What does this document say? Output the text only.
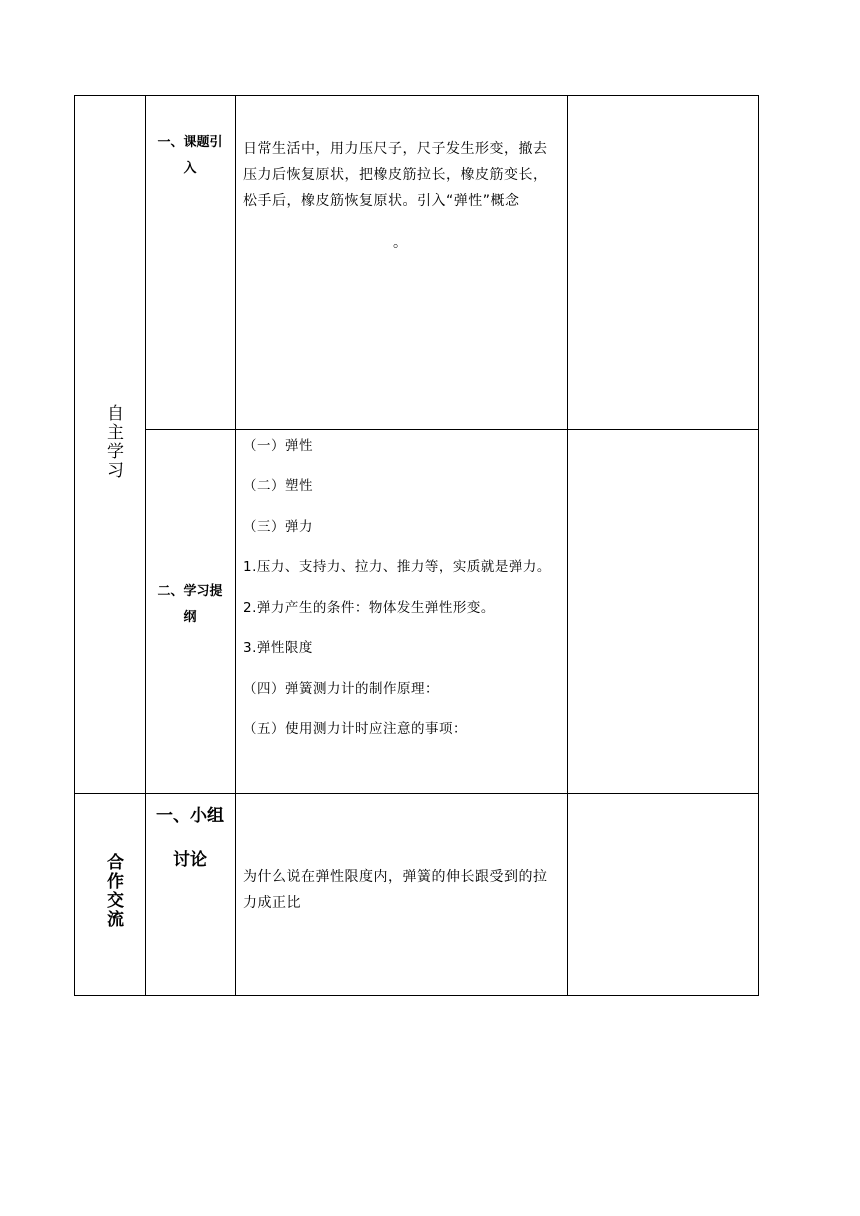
自主学习
一、课题引
入
日常生活中，用力压尺子，尺子发生形变，撤去
压力后恢复原状，把橡皮筋拉长，橡皮筋变长，
松手后，橡皮筋恢复原状。引入“弹性”概念
。
二、学习提
纲
（一）弹性
（二）塑性
（三）弹力
1.压力、支持力、拉力、推力等，实质就是弹力。
2.弹力产生的条件：物体发生弹性形变。
3.弹性限度
（四）弹簧测力计的制作原理：
（五）使用测力计时应注意的事项：
合作交流
一、小组
讨论
为什么说在弹性限度内，弹簧的伸长跟受到的拉
力成正比
